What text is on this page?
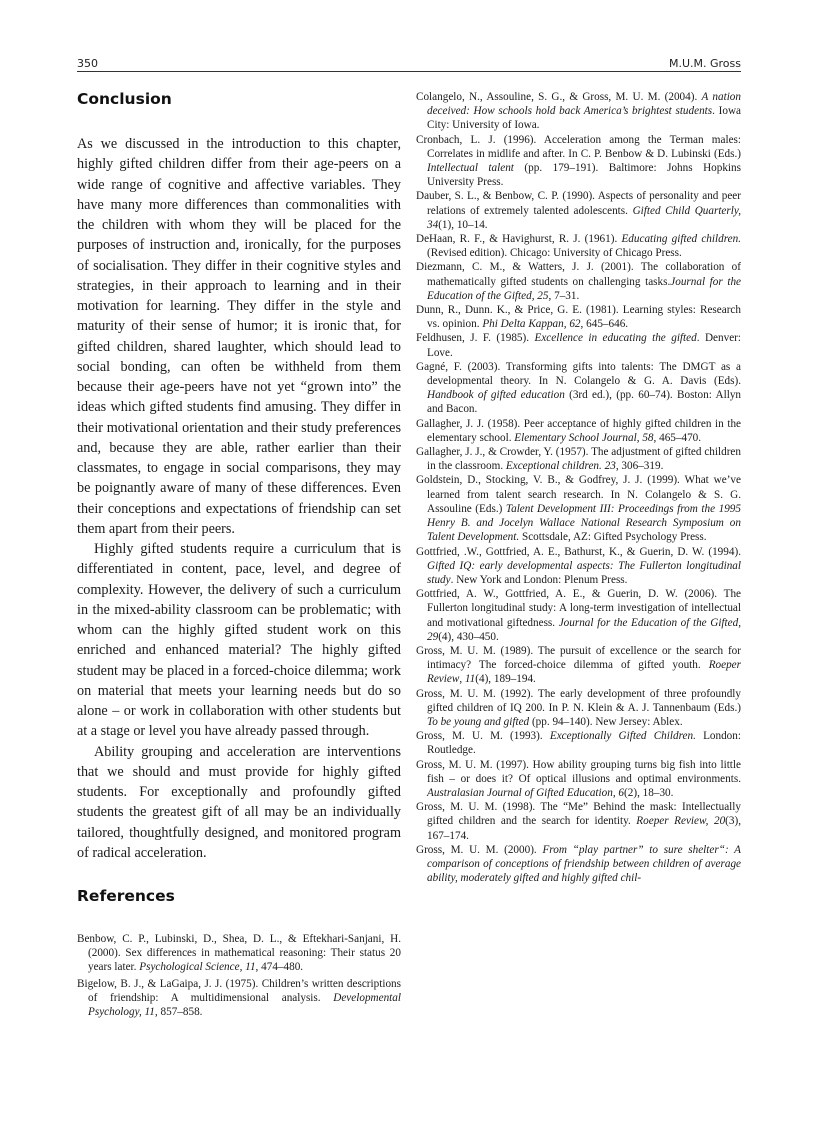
350	M.U.M. Gross
Conclusion

As we discussed in the introduction to this chapter, highly gifted children differ from their age-peers on a wide range of cognitive and affective variables. They have many more differences than commonalities with the children with whom they will be placed for the purposes of instruction and, ironically, for the purposes of socialisation. They differ in their cognitive styles and strategies, in their approach to learning and in their motivation for learning. They differ in the style and maturity of their sense of humor; it is ironic that, for gifted children, shared laughter, which should lead to social bonding, can often be withheld from them because their age-peers have not yet “grown into” the ideas which gifted students find amusing. They differ in their motivational orientation and their study preferences and, because they are able, rather earlier than their classmates, to engage in social comparisons, they may be poignantly aware of many of these differences. Even their conceptions and expectations of friendship can set them apart from their peers.

Highly gifted students require a curriculum that is differentiated in content, pace, level, and degree of complexity. However, the delivery of such a curriculum in the mixed-ability classroom can be problematic; with whom can the highly gifted student work on this enriched and enhanced material? The highly gifted student may be placed in a forced-choice dilemma; work on material that meets your learning needs but do so alone – or work in collaboration with other students but at a stage or level you have already passed through.

Ability grouping and acceleration are interventions that we should and must provide for highly gifted students. For exceptionally and profoundly gifted students the greatest gift of all may be an individually tailored, thoughtfully designed, and monitored program of radical acceleration.

References

Benbow, C. P., Lubinski, D., Shea, D. L., & Eftekhari-Sanjani, H. (2000). Sex differences in mathematical reasoning: Their status 20 years later. Psychological Science, 11, 474–480.

Bigelow, B. J., & LaGaipa, J. J. (1975). Children’s written descriptions of friendship: A multidimensional analysis. Developmental Psychology, 11, 857–858.

Colangelo, N., Assouline, S. G., & Gross, M. U. M. (2004). A nation deceived: How schools hold back America’s brightest students. Iowa City: University of Iowa.

Cronbach, L. J. (1996). Acceleration among the Terman males: Correlates in midlife and after. In C. P. Benbow & D. Lubinski (Eds.) Intellectual talent (pp. 179–191). Baltimore: Johns Hopkins University Press.

Dauber, S. L., & Benbow, C. P. (1990). Aspects of personality and peer relations of extremely talented adolescents. Gifted Child Quarterly, 34(1), 10–14.

DeHaan, R. F., & Havighurst, R. J. (1961). Educating gifted children. (Revised edition). Chicago: University of Chicago Press.

Diezmann, C. M., & Watters, J. J. (2001). The collaboration of mathematically gifted students on challenging tasks.Journal for the Education of the Gifted, 25, 7–31.

Dunn, R., Dunn. K., & Price, G. E. (1981). Learning styles: Research vs. opinion. Phi Delta Kappan, 62, 645–646.

Feldhusen, J. F. (1985). Excellence in educating the gifted. Denver: Love.

Gagné, F. (2003). Transforming gifts into talents: The DMGT as a developmental theory. In N. Colangelo & G. A. Davis (Eds). Handbook of gifted education (3rd ed.), (pp. 60–74). Boston: Allyn and Bacon.

Gallagher, J. J. (1958). Peer acceptance of highly gifted children in the elementary school. Elementary School Journal, 58, 465–470.

Gallagher, J. J., & Crowder, Y. (1957). The adjustment of gifted children in the classroom. Exceptional children. 23, 306–319.

Goldstein, D., Stocking, V. B., & Godfrey, J. J. (1999). What we’ve learned from talent search research. In N. Colangelo & S. G. Assouline (Eds.) Talent Development III: Proceedings from the 1995 Henry B. and Jocelyn Wallace National Research Symposium on Talent Development. Scottsdale, AZ: Gifted Psychology Press.

Gottfried, .W., Gottfried, A. E., Bathurst, K., & Guerin, D. W. (1994). Gifted IQ: early developmental aspects: The Fullerton longitudinal study. New York and London: Plenum Press.

Gottfried, A. W., Gottfried, A. E., & Guerin, D. W. (2006). The Fullerton longitudinal study: A long-term investigation of intellectual and motivational giftedness. Journal for the Education of the Gifted, 29(4), 430–450.

Gross, M. U. M. (1989). The pursuit of excellence or the search for intimacy? The forced-choice dilemma of gifted youth. Roeper Review, 11(4), 189–194.

Gross, M. U. M. (1992). The early development of three profoundly gifted children of IQ 200. In P. N. Klein & A. J. Tannenbaum (Eds.) To be young and gifted (pp. 94–140). New Jersey: Ablex.

Gross, M. U. M. (1993). Exceptionally Gifted Children. London: Routledge.

Gross, M. U. M. (1997). How ability grouping turns big fish into little fish – or does it? Of optical illusions and optimal environments. Australasian Journal of Gifted Education, 6(2), 18–30.

Gross, M. U. M. (1998). The “Me” Behind the mask: Intellectually gifted children and the search for identity. Roeper Review, 20(3), 167–174.

Gross, M. U. M. (2000). From “play partner” to sure shelter“: A comparison of conceptions of friendship between children of average ability, moderately gifted and highly gifted chil-
